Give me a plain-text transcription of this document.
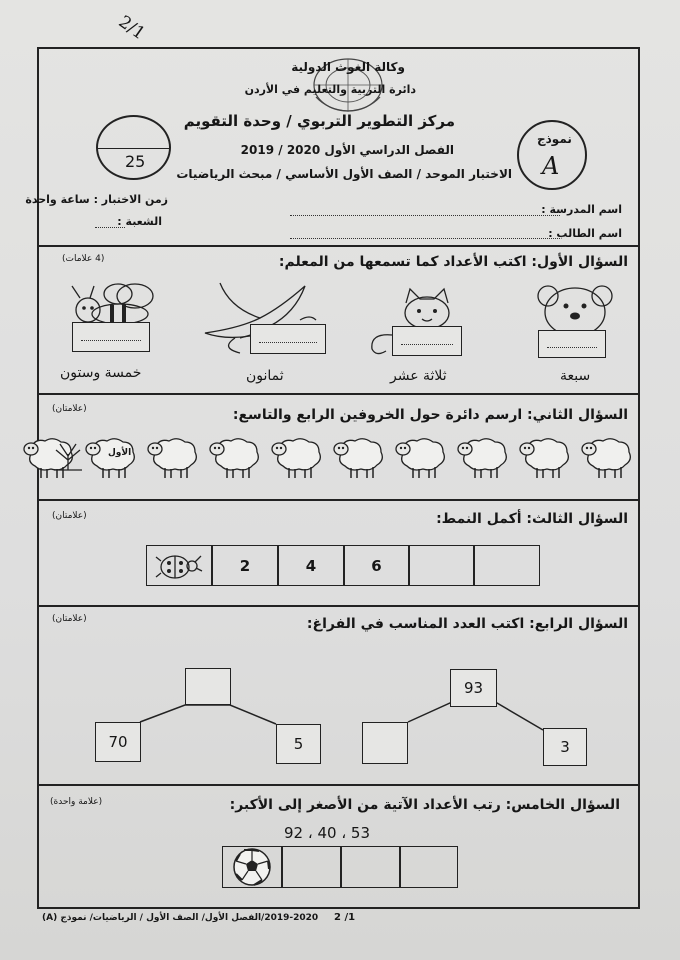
2/1
وكالة الغوث الدولية
دائرة التربية والتعليم في الأردن
مركز التطوير التربوي / وحدة التقويم
الفصل الدراسي الأول 2020 / 2019
الاختبار الموحد / الصف الأول الأساسي / مبحث الرياضيات
نموذج
A
25
اسم المدرسة :
اسم الطالب :
زمن الاختبار : ساعة واحدة
الشعبة :
السؤال الأول: اكتب الأعداد كما تسمعها من المعلم:
(4 علامات)
سبعة
ثلاثة عشر
ثمانون
خمسة وستون
السؤال الثاني: ارسم دائرة حول الخروفين الرابع والتاسع:
(علامتان)
الأول
السؤال الثالث: أكمل النمط:
(علامتان)
2	4	6
السؤال الرابع: اكتب العدد المناسب في الفراغ:
(علامتان)
70	5
93
3
السؤال الخامس: رتب الأعداد الآتية من الأصغر إلى الأكبر:
(علامة واحدة)
92 ، 40 ، 53
2019-2020/الفصل الأول/ الصف الأول / الرياضيات/ نموذج (A) 2 /1
